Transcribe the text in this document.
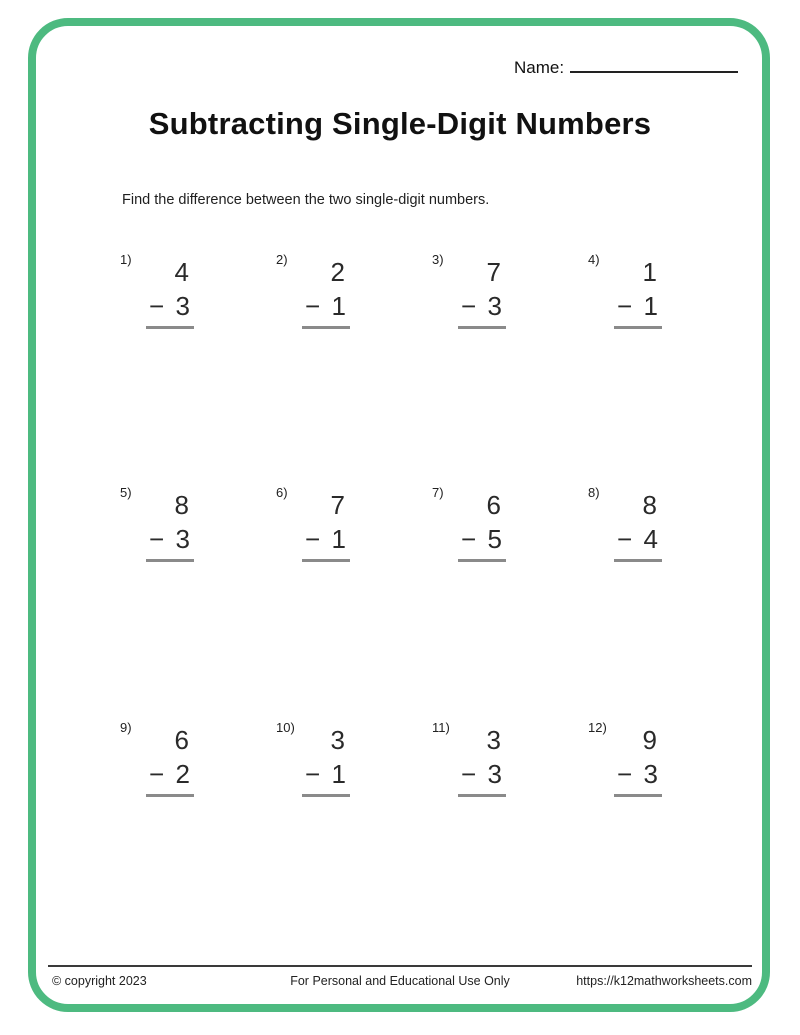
Name:
Subtracting Single-Digit Numbers
Find the difference between the two single-digit numbers.
1)	4
− 3
2)	2
− 1
3)	7
− 3
4)	1
− 1
5)	8
− 3
6)	7
− 1
7)	6
− 5
8)	8
− 4
9)	6
− 2
10)	3
− 1
11)	3
− 3
12)	9
− 3
© copyright 2023	For Personal and Educational Use Only	https://k12mathworksheets.com
